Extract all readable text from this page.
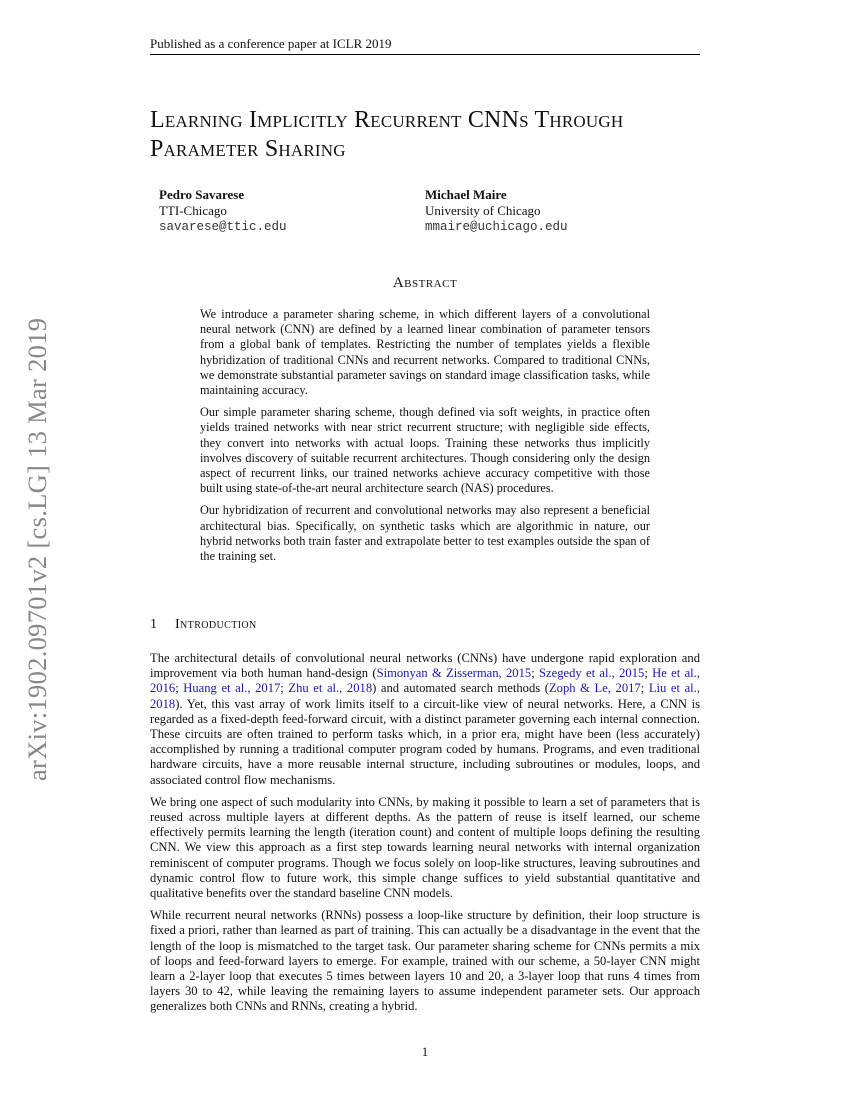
Published as a conference paper at ICLR 2019
Learning Implicitly Recurrent CNNs Through
Parameter Sharing
Pedro Savarese
TTI-Chicago
savarese@ttic.edu
Michael Maire
University of Chicago
mmaire@uchicago.edu
arXiv:1902.09701v2 [cs.LG] 13 Mar 2019
Abstract

We introduce a parameter sharing scheme, in which different layers of a convolutional neural network (CNN) are defined by a learned linear combination of parameter tensors from a global bank of templates. Restricting the number of templates yields a flexible hybridization of traditional CNNs and recurrent networks. Compared to traditional CNNs, we demonstrate substantial parameter savings on standard image classification tasks, while maintaining accuracy.

Our simple parameter sharing scheme, though defined via soft weights, in practice often yields trained networks with near strict recurrent structure; with negligible side effects, they convert into networks with actual loops. Training these networks thus implicitly involves discovery of suitable recurrent architectures. Though considering only the design aspect of recurrent links, our trained networks achieve accuracy competitive with those built using state-of-the-art neural architecture search (NAS) procedures.

Our hybridization of recurrent and convolutional networks may also represent a beneficial architectural bias. Specifically, on synthetic tasks which are algorithmic in nature, our hybrid networks both train faster and extrapolate better to test examples outside the span of the training set.

1 Introduction

The architectural details of convolutional neural networks (CNNs) have undergone rapid exploration and improvement via both human hand-design (Simonyan & Zisserman, 2015; Szegedy et al., 2015; He et al., 2016; Huang et al., 2017; Zhu et al., 2018) and automated search methods (Zoph & Le, 2017; Liu et al., 2018). Yet, this vast array of work limits itself to a circuit-like view of neural networks. Here, a CNN is regarded as a fixed-depth feed-forward circuit, with a distinct parameter governing each internal connection. These circuits are often trained to perform tasks which, in a prior era, might have been (less accurately) accomplished by running a traditional computer program coded by humans. Programs, and even traditional hardware circuits, have a more reusable internal structure, including subroutines or modules, loops, and associated control flow mechanisms.

We bring one aspect of such modularity into CNNs, by making it possible to learn a set of parameters that is reused across multiple layers at different depths. As the pattern of reuse is itself learned, our scheme effectively permits learning the length (iteration count) and content of multiple loops defining the resulting CNN. We view this approach as a first step towards learning neural networks with internal organization reminiscent of computer programs. Though we focus solely on loop-like structures, leaving subroutines and dynamic control flow to future work, this simple change suffices to yield substantial quantitative and qualitative benefits over the standard baseline CNN models.

While recurrent neural networks (RNNs) possess a loop-like structure by definition, their loop structure is fixed a priori, rather than learned as part of training. This can actually be a disadvantage in the event that the length of the loop is mismatched to the target task. Our parameter sharing scheme for CNNs permits a mix of loops and feed-forward layers to emerge. For example, trained with our scheme, a 50-layer CNN might learn a 2-layer loop that executes 5 times between layers 10 and 20, a 3-layer loop that runs 4 times from layers 30 to 42, while leaving the remaining layers to assume independent parameter sets. Our approach generalizes both CNNs and RNNs, creating a hybrid.

1
